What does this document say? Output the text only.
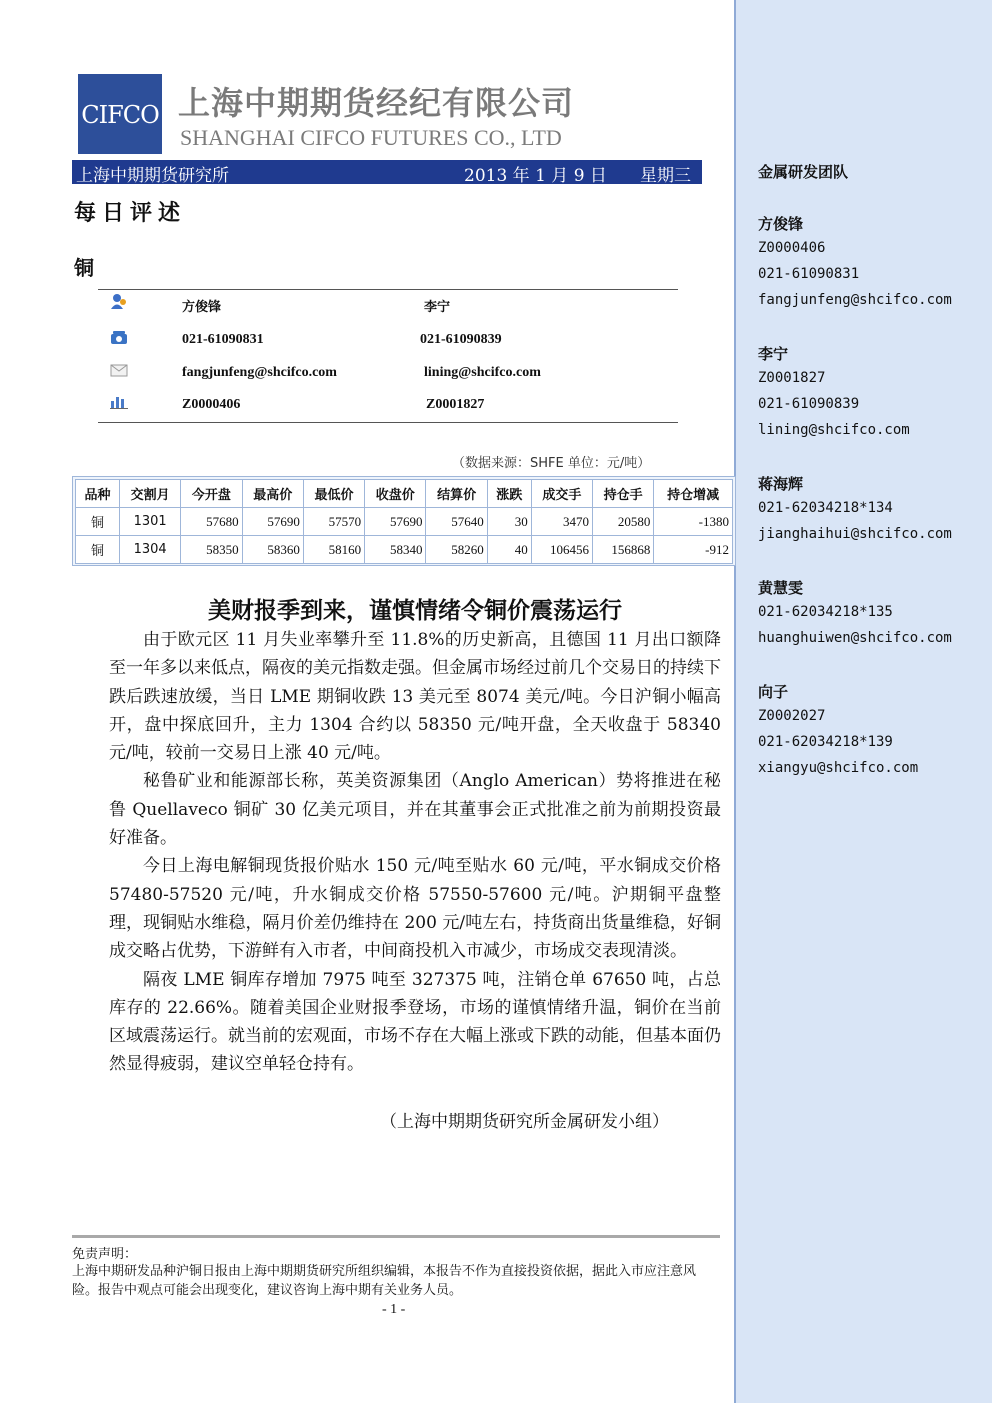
CIFCO 上海中期期货经纪有限公司
SHANGHAI CIFCO FUTURES CO., LTD
上海中期期货研究所	2013 年 1 月 9 日 星期三
每日评述
铜
方俊锋	李宁
021-61090831	021-61090839
fangjunfeng@shcifco.com	lining@shcifco.com
Z0000406	Z0001827
（数据来源：SHFE 单位：元/吨）
品种	交割月	今开盘	最高价	最低价	收盘价	结算价	涨跌	成交手	持仓手	持仓增减
铜	1301	57680	57690	57570	57690	57640	30	3470	20580	-1380
铜	1304	58350	58360	58160	58340	58260	40	106456	156868	-912
美财报季到来，谨慎情绪令铜价震荡运行

由于欧元区 11 月失业率攀升至 11.8%的历史新高，且德国 11 月出口额降至一年多以来低点，隔夜的美元指数走强。但金属市场经过前几个交易日的持续下跌后跌速放缓，当日 LME 期铜收跌 13 美元至 8074 美元/吨。今日沪铜小幅高开，盘中探底回升，主力 1304 合约以 58350 元/吨开盘，全天收盘于 58340 元/吨，较前一交易日上涨 40 元/吨。

秘鲁矿业和能源部长称，英美资源集团（Anglo American）势将推进在秘鲁 Quellaveco 铜矿 30 亿美元项目，并在其董事会正式批准之前为前期投资最好准备。

今日上海电解铜现货报价贴水 150 元/吨至贴水 60 元/吨，平水铜成交价格 57480-57520 元/吨，升水铜成交价格 57550-57600 元/吨。沪期铜平盘整理，现铜贴水维稳，隔月价差仍维持在 200 元/吨左右，持货商出货量维稳，好铜成交略占优势，下游鲜有入市者，中间商投机入市减少，市场成交表现清淡。

隔夜 LME 铜库存增加 7975 吨至 327375 吨，注销仓单 67650 吨，占总库存的 22.66%。随着美国企业财报季登场，市场的谨慎情绪升温，铜价在当前区域震荡运行。就当前的宏观面，市场不存在大幅上涨或下跌的动能，但基本面仍然显得疲弱，建议空单轻仓持有。

（上海中期期货研究所金属研发小组）
免责声明：
上海中期研发品种沪铜日报由上海中期期货研究所组织编辑，本报告不作为直接投资依据，据此入市应注意风险。报告中观点可能会出现变化，建议咨询上海中期有关业务人员。
- 1 -
金属研发团队
方俊锋
Z0000406
021-61090831
fangjunfeng@shcifco.com
李宁
Z0001827
021-61090839
lining@shcifco.com
蒋海辉
021-62034218*134
jianghaihui@shcifco.com
黄慧雯
021-62034218*135
huanghuiwen@shcifco.com
向子
Z0002027
021-62034218*139
xiangyu@shcifco.com
